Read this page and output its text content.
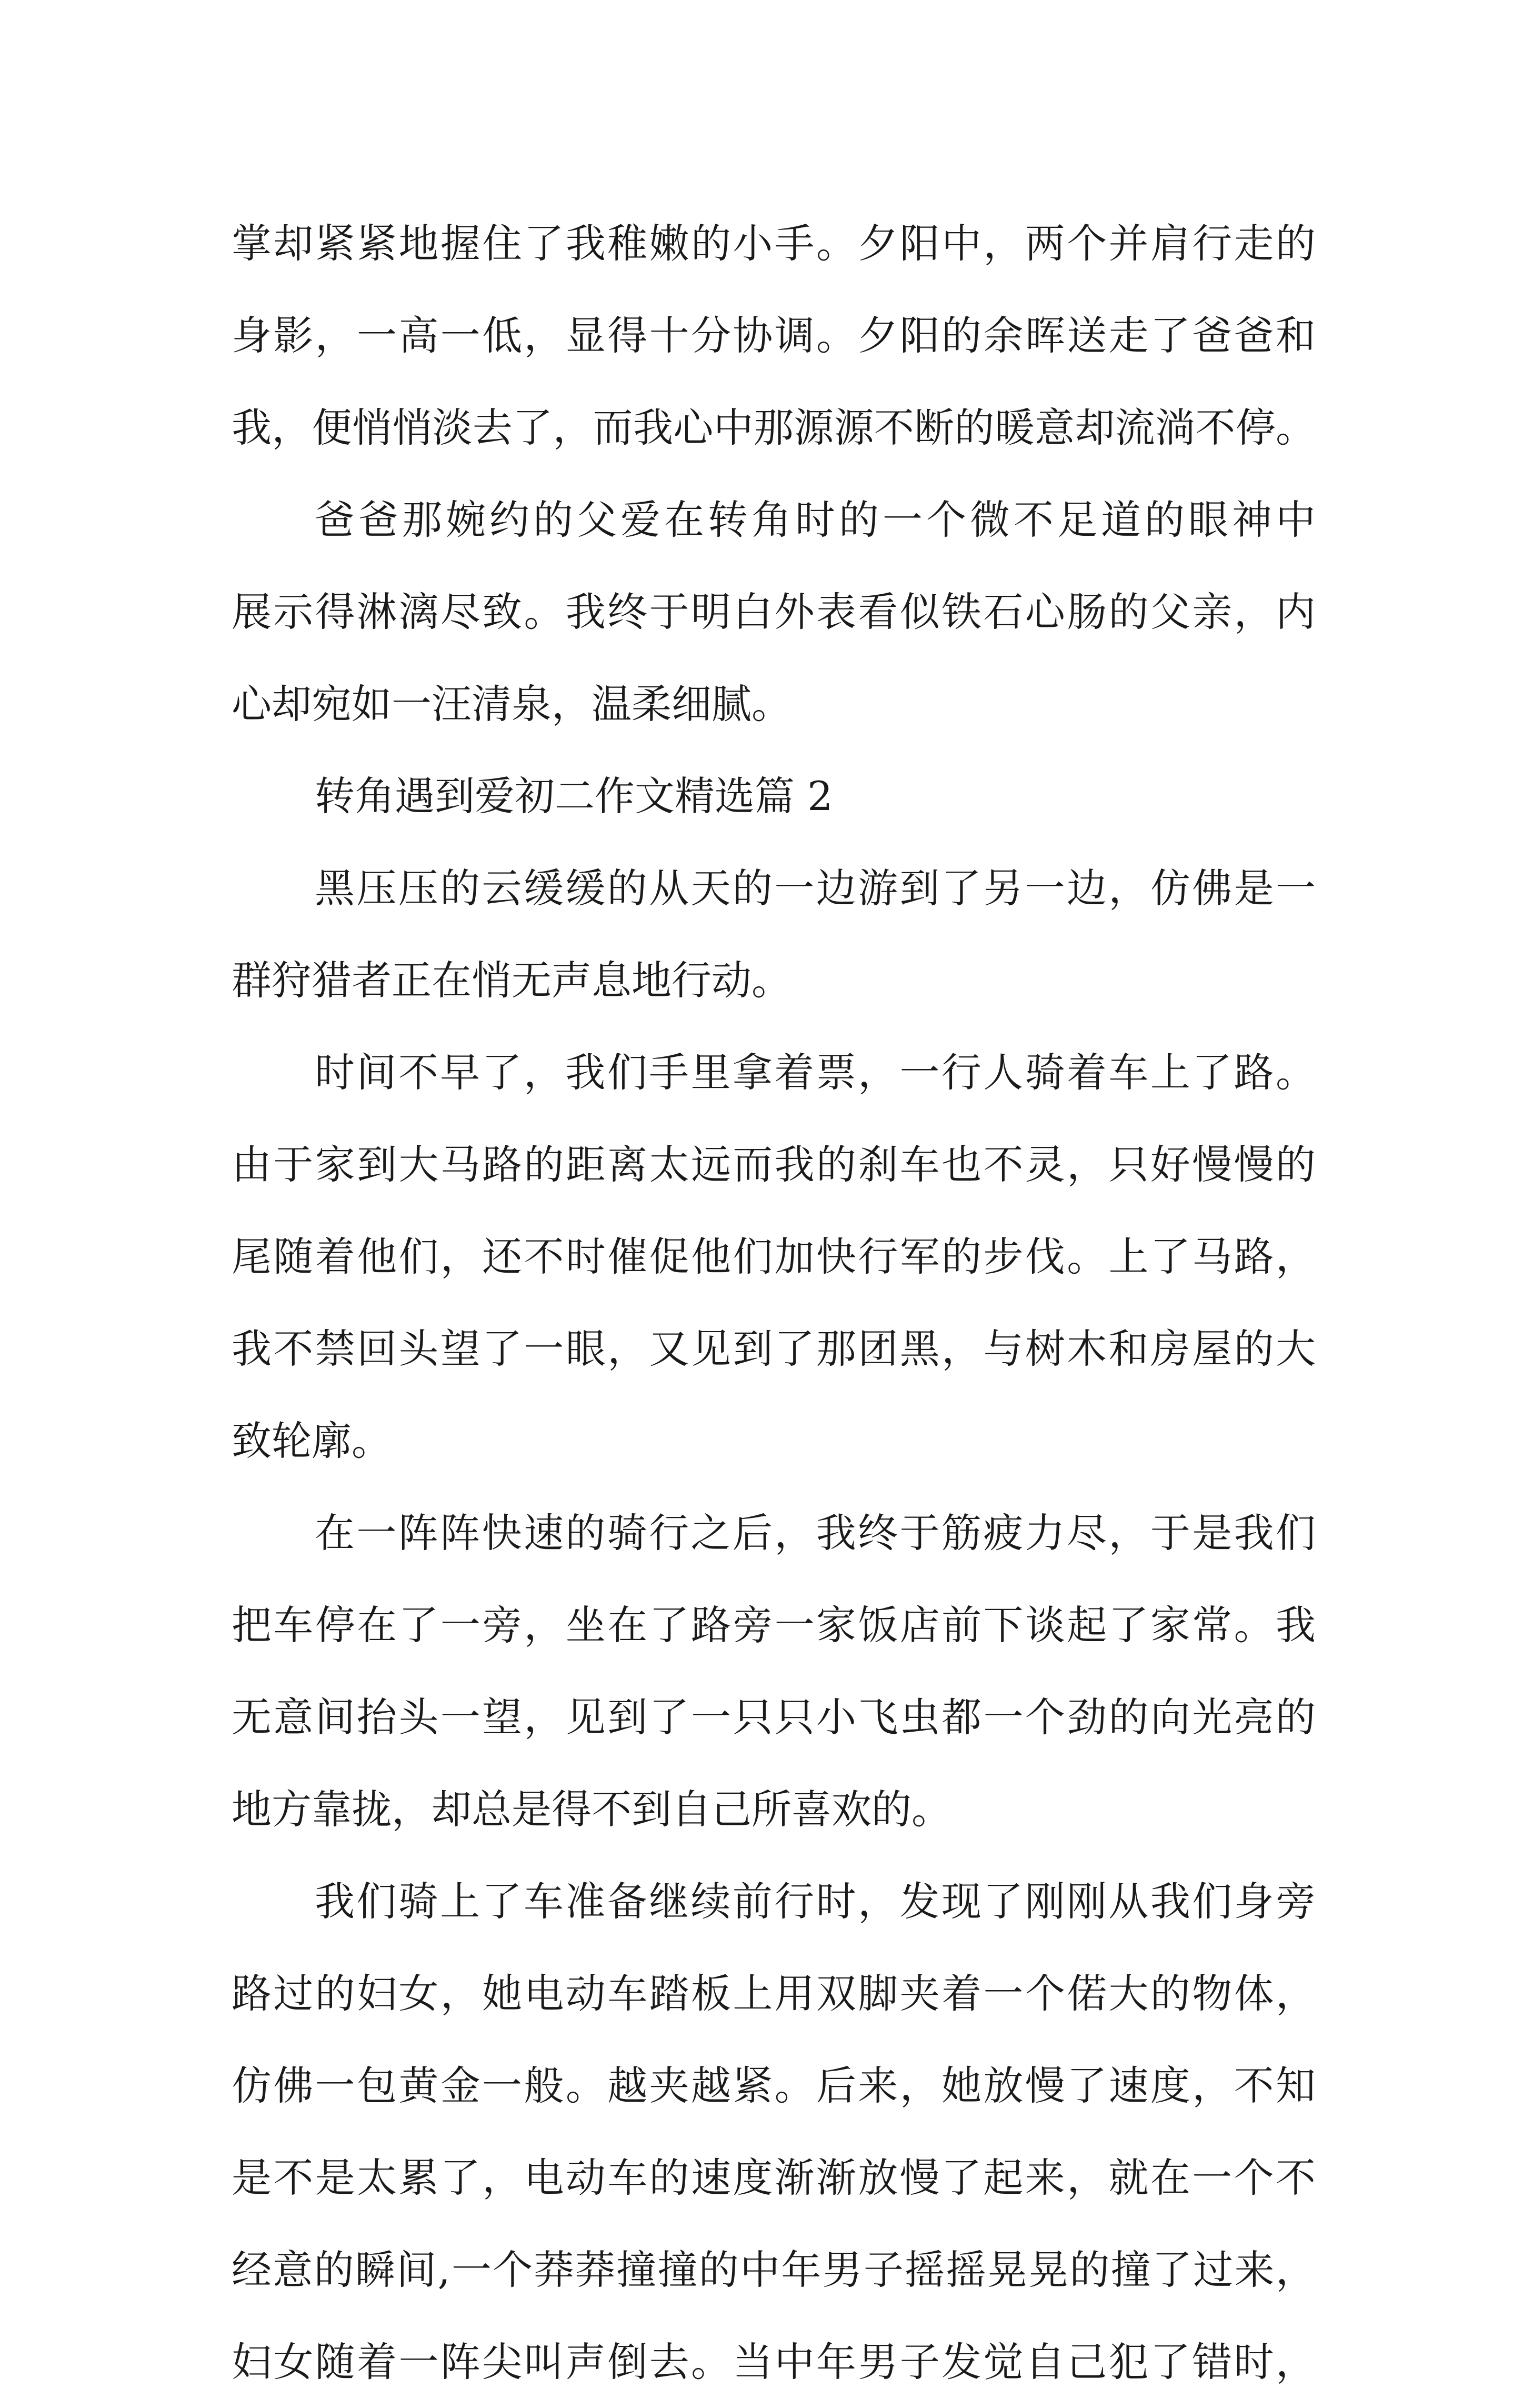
掌却紧紧地握住了我稚嫩的小手。夕阳中，两个并肩行走的
身影，一高一低，显得十分协调。夕阳的余晖送走了爸爸和
我，便悄悄淡去了，而我心中那源源不断的暖意却流淌不停。
爸爸那婉约的父爱在转角时的一个微不足道的眼神中
展示得淋漓尽致。我终于明白外表看似铁石心肠的父亲，内
心却宛如一汪清泉，温柔细腻。
转角遇到爱初二作文精选篇 2
黑压压的云缓缓的从天的一边游到了另一边，仿佛是一
群狩猎者正在悄无声息地行动。
时间不早了，我们手里拿着票，一行人骑着车上了路。
由于家到大马路的距离太远而我的刹车也不灵，只好慢慢的
尾随着他们，还不时催促他们加快行军的步伐。上了马路，
我不禁回头望了一眼，又见到了那团黑，与树木和房屋的大
致轮廓。
在一阵阵快速的骑行之后，我终于筋疲力尽，于是我们
把车停在了一旁，坐在了路旁一家饭店前下谈起了家常。我
无意间抬头一望，见到了一只只小飞虫都一个劲的向光亮的
地方靠拢，却总是得不到自己所喜欢的。
我们骑上了车准备继续前行时，发现了刚刚从我们身旁
路过的妇女，她电动车踏板上用双脚夹着一个偌大的物体，
仿佛一包黄金一般。越夹越紧。后来，她放慢了速度，不知
是不是太累了，电动车的速度渐渐放慢了起来，就在一个不
经意的瞬间,一个莽莽撞撞的中年男子摇摇晃晃的撞了过来，
妇女随着一阵尖叫声倒去。当中年男子发觉自己犯了错时，
